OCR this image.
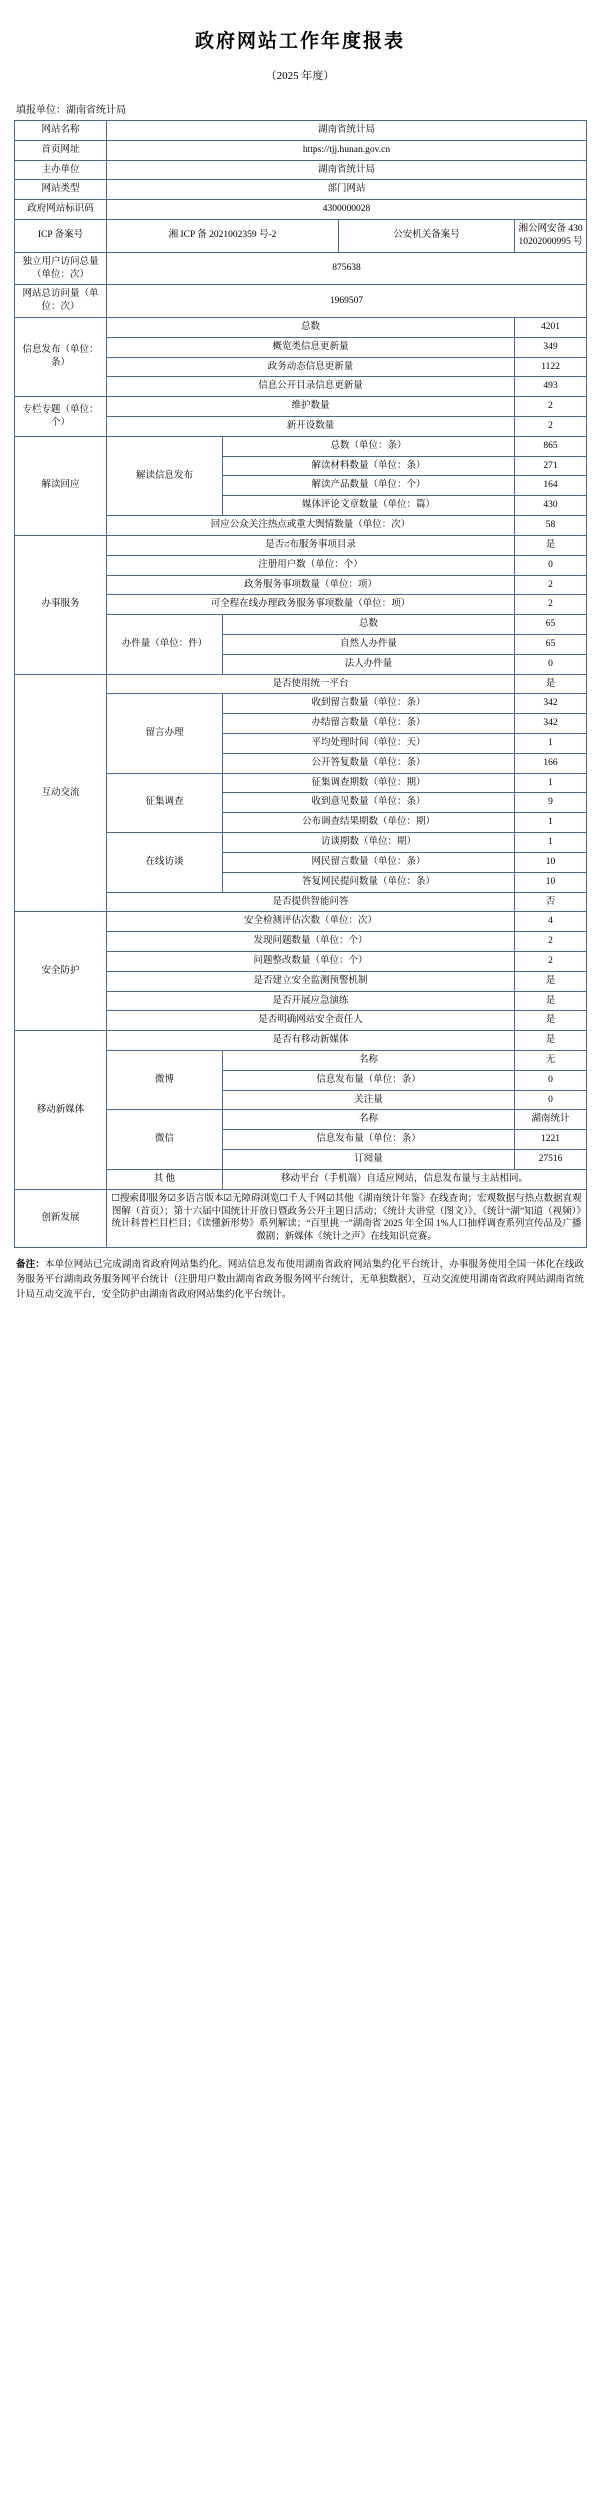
政府网站工作年度报表
（2025 年度）
填报单位：湖南省统计局
网站名称	湖南省统计局			
首页网址	https://tjj.hunan.gov.cn			
主办单位	湖南省统计局			
网站类型	部门网站			
政府网站标识码	4300000028			
ICP 备案号	湘 ICP 备 2021002359 号-2		公安机关备案号	湘公网安备 43010202000995 号
独立用户访问总量（单位：次）	875638			
网站总访问量（单位：次）	1969507			
信息发布（单位：条）	总数			4201
	概览类信息更新量			349
	政务动态信息更新量			1122
	信息公开目录信息更新量			493
专栏专题（单位：个）	维护数量			2
	新开设数量			2
解读回应	解读信息发布	总数（单位：条）		865
		解读材料数量（单位：条）		271
		解读产品数量（单位：个）		164
		媒体评论文章数量（单位：篇）		430
	回应公众关注热点或重大舆情数量（单位：次）			58
办事服务	是否ನ布服务事项目录			是
	注册用户数（单位：个）			0
	政务服务事项数量（单位：项）			2
	可全程在线办理政务服务事项数量（单位：项）			2
	办件量（单位：件）	总数		65
		自然人办件量		65
		法人办件量		0
互动交流	是否使用统一平台			是
	留言办理	收到留言数量（单位：条）		342
		办结留言数量（单位：条）		342
		平均处理时间（单位：天）		1
		公开答复数量（单位：条）		166
	征集调查	征集调查期数（单位：期）		1
		收到意见数量（单位：条）		9
		公布调查结果期数（单位：期）		1
	在线访谈	访谈期数（单位：期）		1
		网民留言数量（单位：条）		10
		答复网民提问数量（单位：条）		10
	是否提供智能问答			否
安全防护	安全检测评估次数（单位：次）			4
	发现问题数量（单位：个）			2
	问题整改数量（单位：个）			2
	是否建立安全监测预警机制			是
	是否开展应急演练			是
	是否明确网站安全责任人			是
移动新媒体	是否有移动新媒体			是
	微博	名称		无
		信息发布量（单位：条）		0
		关注量		0
	微信	名称		湖南统计
		信息发布量（单位：条）		1221
		订阅量		27516
	其 他	移动平台（手机端）自适应网站，信息发布量与主站相同。		
创新发展	☐搜索即服务☑多语言版本☑无障碍浏览☐千人千网☑其他《湖南统计年鉴》在线查询；宏观数据与热点数据直观图解（首页）；第十六届中国统计开放日暨政务公开主题日活动；《统计大讲堂（图文）》、《统计“湖”知道（视频）》统计科普栏目栏目；《读懂新形势》系列解读；“百里挑一”湖南省 2025 年全国 1%人口抽样调查系列宣传品及广播微剧；新媒体《统计之声》在线知识竞赛。			
备注：本单位网站已完成湖南省政府网站集约化。网站信息发布使用湖南省政府网站集约化平台统计，办事服务使用全国一体化在线政务服务平台湖南政务服务网平台统计（注册用户数由湖南省政务服务网平台统计，无单独数据），互动交流使用湖南省政府网站湖南省统计局互动交流平台，安全防护由湖南省政府网站集约化平台统计。
